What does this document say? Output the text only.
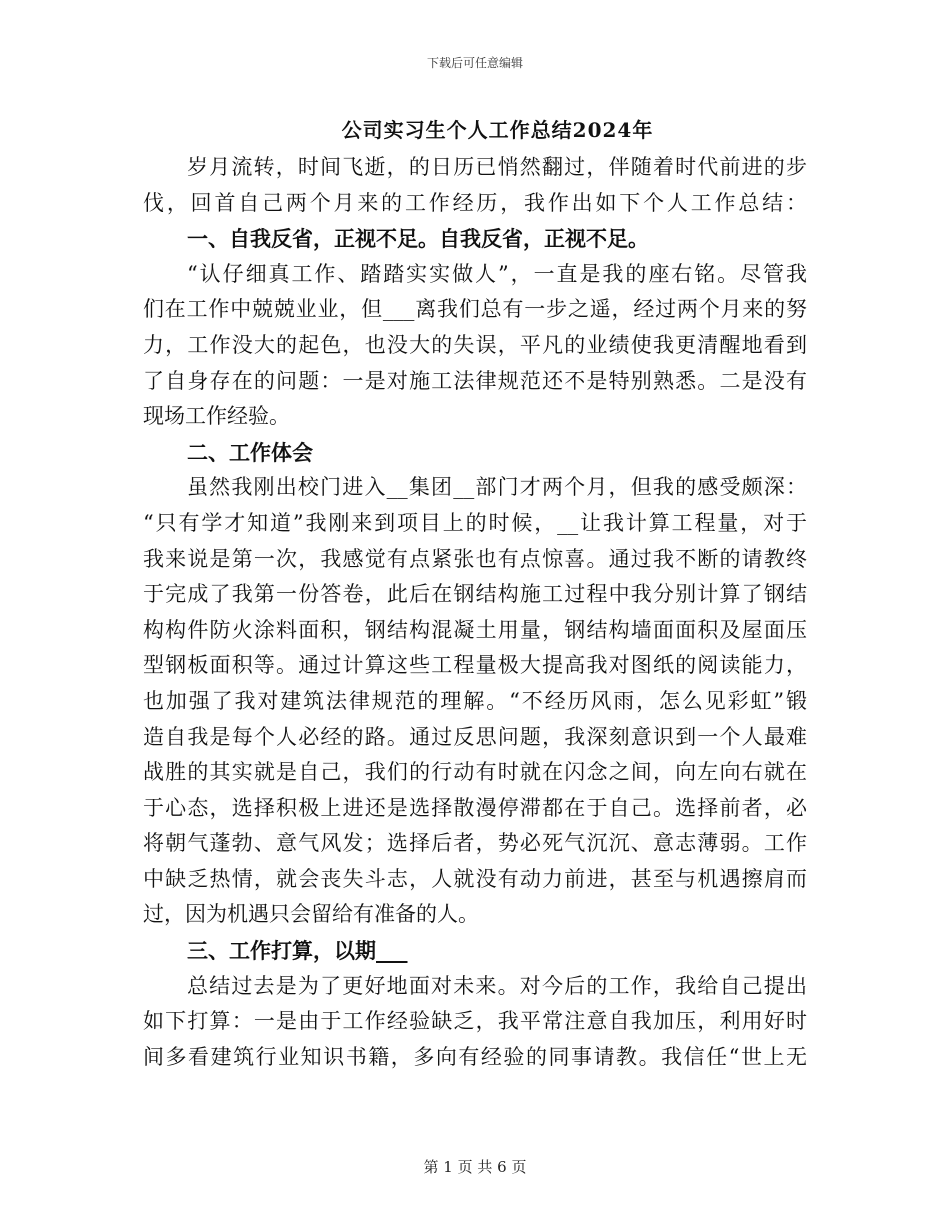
下载后可任意编辑
公司实习生个人工作总结2024年
岁月流转，时间飞逝，的日历已悄然翻过，伴随着时代前进的步
伐，回首自己两个月来的工作经历，我作出如下个人工作总结：
一、自我反省，正视不足。自我反省，正视不足。
“认仔细真工作、踏踏实实做人”，一直是我的座右铭。尽管我
们在工作中兢兢业业，但___离我们总有一步之遥，经过两个月来的努
力，工作没大的起色，也没大的失误，平凡的业绩使我更清醒地看到
了自身存在的问题：一是对施工法律规范还不是特别熟悉。二是没有
现场工作经验。
二、工作体会
虽然我刚出校门进入__集团__部门才两个月，但我的感受颇深：
“只有学才知道”我刚来到项目上的时候，__让我计算工程量，对于
我来说是第一次，我感觉有点紧张也有点惊喜。通过我不断的请教终
于完成了我第一份答卷，此后在钢结构施工过程中我分别计算了钢结
构构件防火涂料面积，钢结构混凝土用量，钢结构墙面面积及屋面压
型钢板面积等。通过计算这些工程量极大提高我对图纸的阅读能力，
也加强了我对建筑法律规范的理解。“不经历风雨，怎么见彩虹”锻
造自我是每个人必经的路。通过反思问题，我深刻意识到一个人最难
战胜的其实就是自己，我们的行动有时就在闪念之间，向左向右就在
于心态，选择积极上进还是选择散漫停滞都在于自己。选择前者，必
将朝气蓬勃、意气风发；选择后者，势必死气沉沉、意志薄弱。工作
中缺乏热情，就会丧失斗志，人就没有动力前进，甚至与机遇擦肩而
过，因为机遇只会留给有准备的人。
三、工作打算，以期___
总结过去是为了更好地面对未来。对今后的工作，我给自己提出
如下打算：一是由于工作经验缺乏，我平常注意自我加压，利用好时
间多看建筑行业知识书籍，多向有经验的同事请教。我信任“世上无
第 1 页 共 6 页
